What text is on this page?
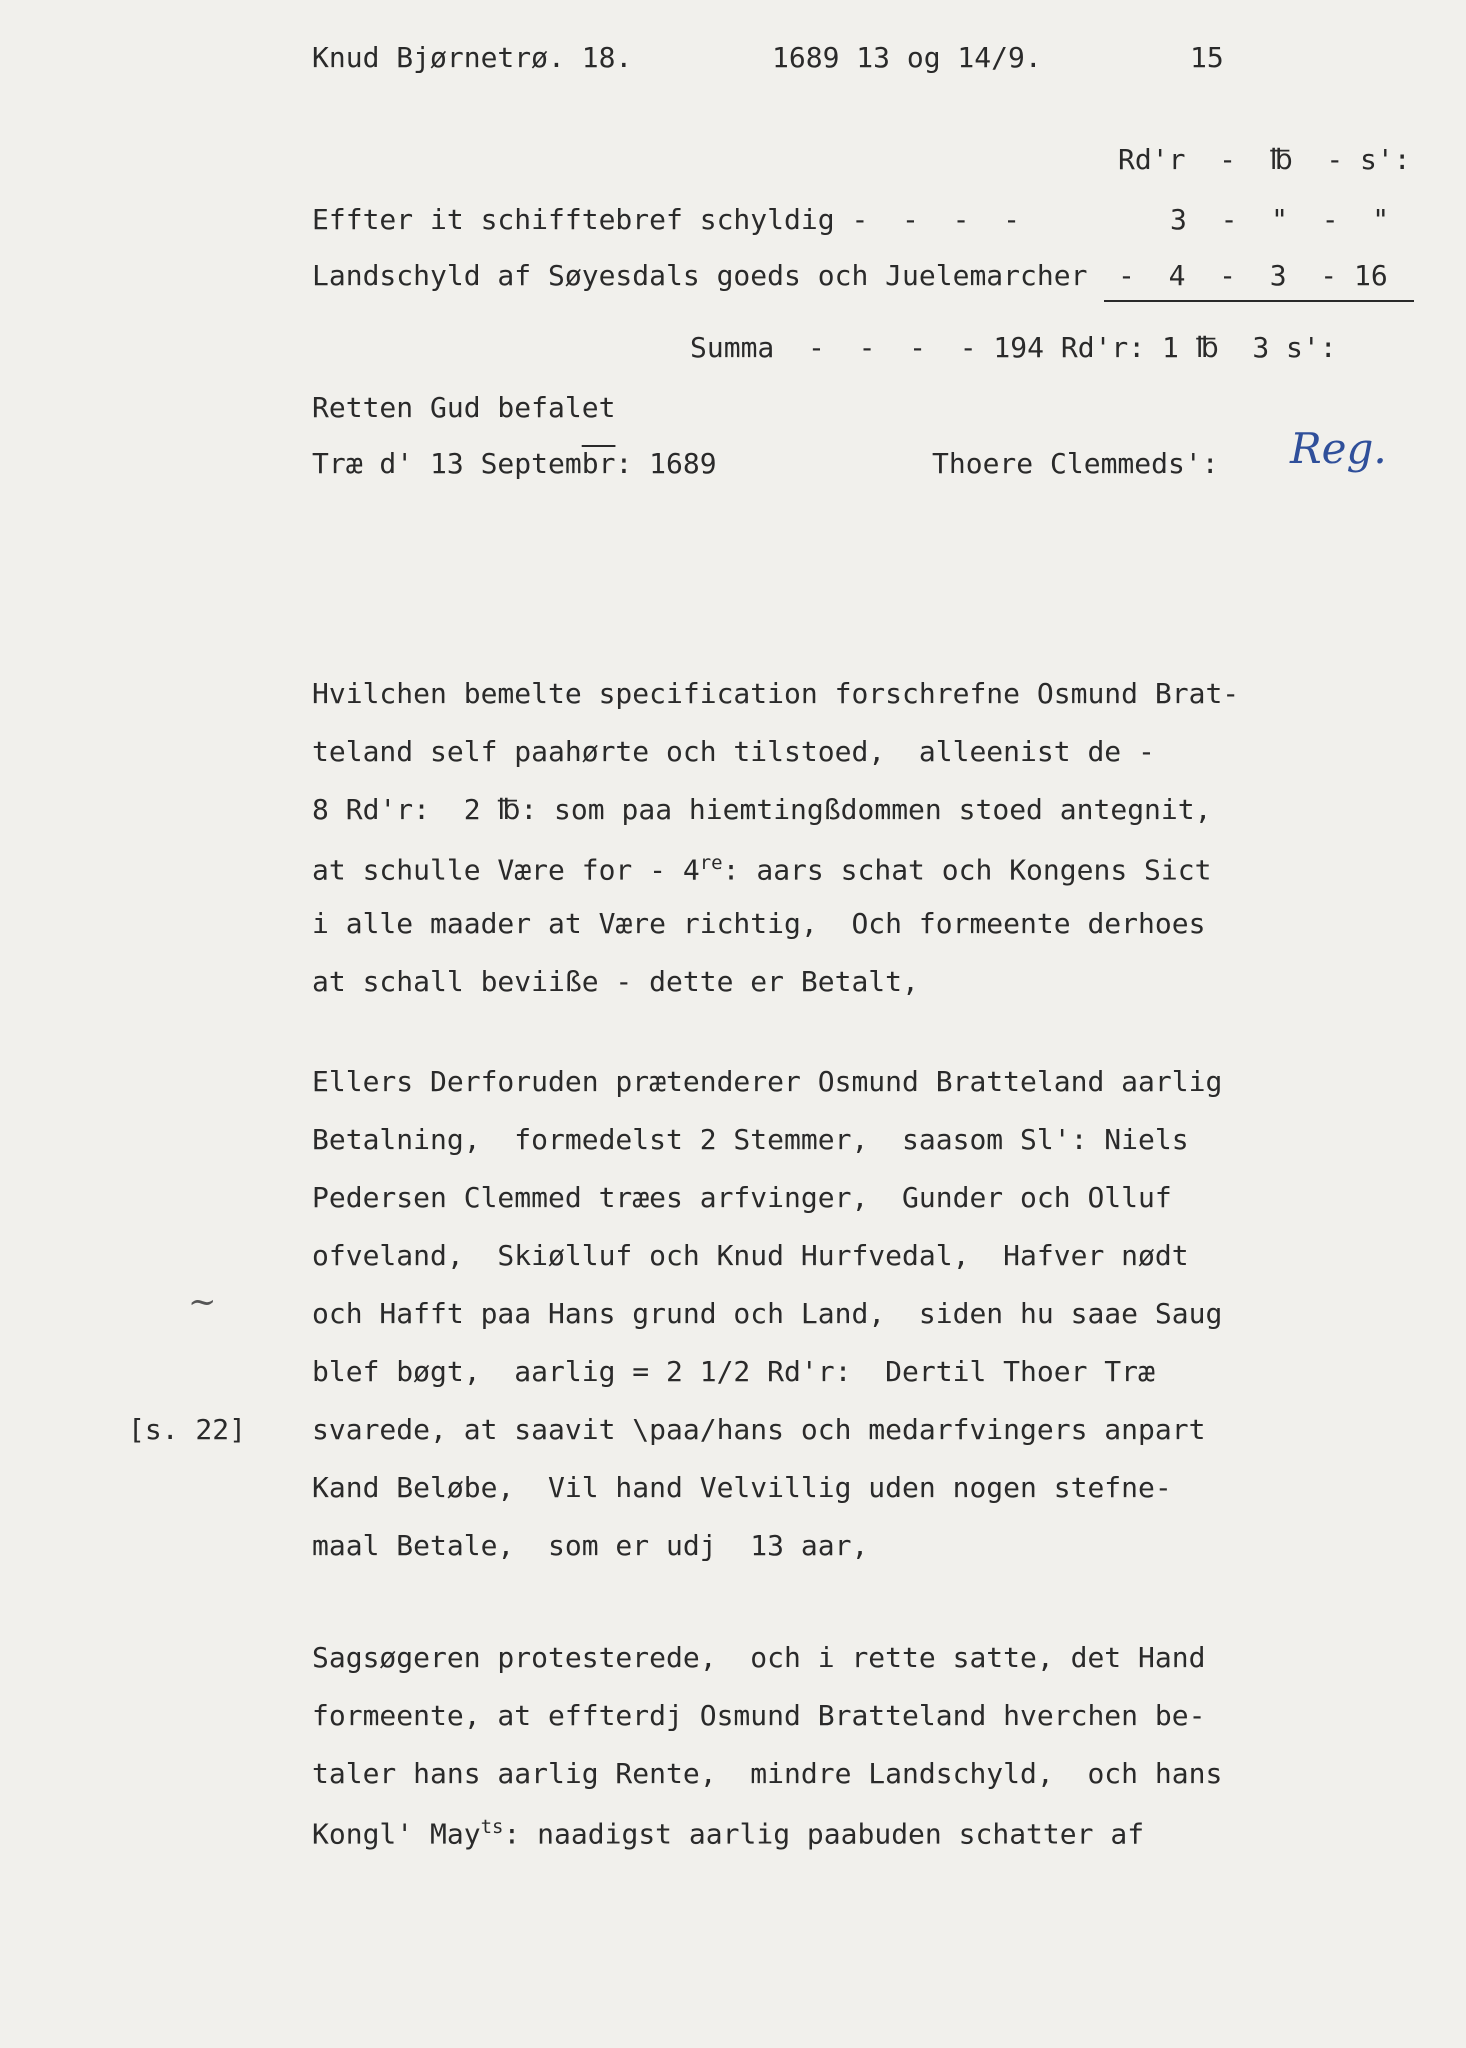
Knud Bjørnetrø. 18.	1689 13 og 14/9.	15
Rd'r  -  ℔  - s':
Effter it schifftebref schyldig -  -  -  -	3  -  "  -  "
Landschyld af Søyesdals goeds och Juelemarcher -  4  -  3  - 16
Summa  -  -  -  - 194 Rd'r: 1 ℔  3 s':
Retten Gud befalet
Træ d' 13 $Septem\overline{br}$: 1689	Thoere Clemmeds': Reg.
Hvilchen bemelte specification forschrefne Osmund Brat-
teland self paahørte och tilstoed,  alleenist de -
8 Rd'r:  2 ℔: som paa hiemtingßdommen stoed antegnit,
at schulle Være for - 4re: aars schat och Kongens Sict
i alle maader at Være richtig,  Och formeente derhoes
at schall beviiße - dette er Betalt,
Ellers Derforuden prætenderer Osmund Bratteland aarlig
Betalning,  formedelst 2 Stemmer,  saasom Sl': Niels
Pedersen Clemmed træes arfvinger,  Gunder och Olluf
ofveland,  Skiølluf och Knud Hurfvedal,  Hafver nødt
~	och Hafft paa Hans grund och Land,  siden hu saae Saug
blef bøgt,  aarlig = 2 1/2 Rd'r:  Dertil Thoer Træ
[s. 22] svarede, at saavit \paa/hans och medarfvingers anpart
Kand Beløbe,  Vil hand Velvillig uden nogen stefne-
maal Betale,  som er udj  13 aar,
Sagsøgeren protesterede,  och i rette satte, det Hand
formeente, at effterdj Osmund Bratteland hverchen be-
taler hans aarlig Rente,  mindre Landschyld,  och hans
Kongl' May$^{ts}$: naadigst aarlig paabuden schatter af
